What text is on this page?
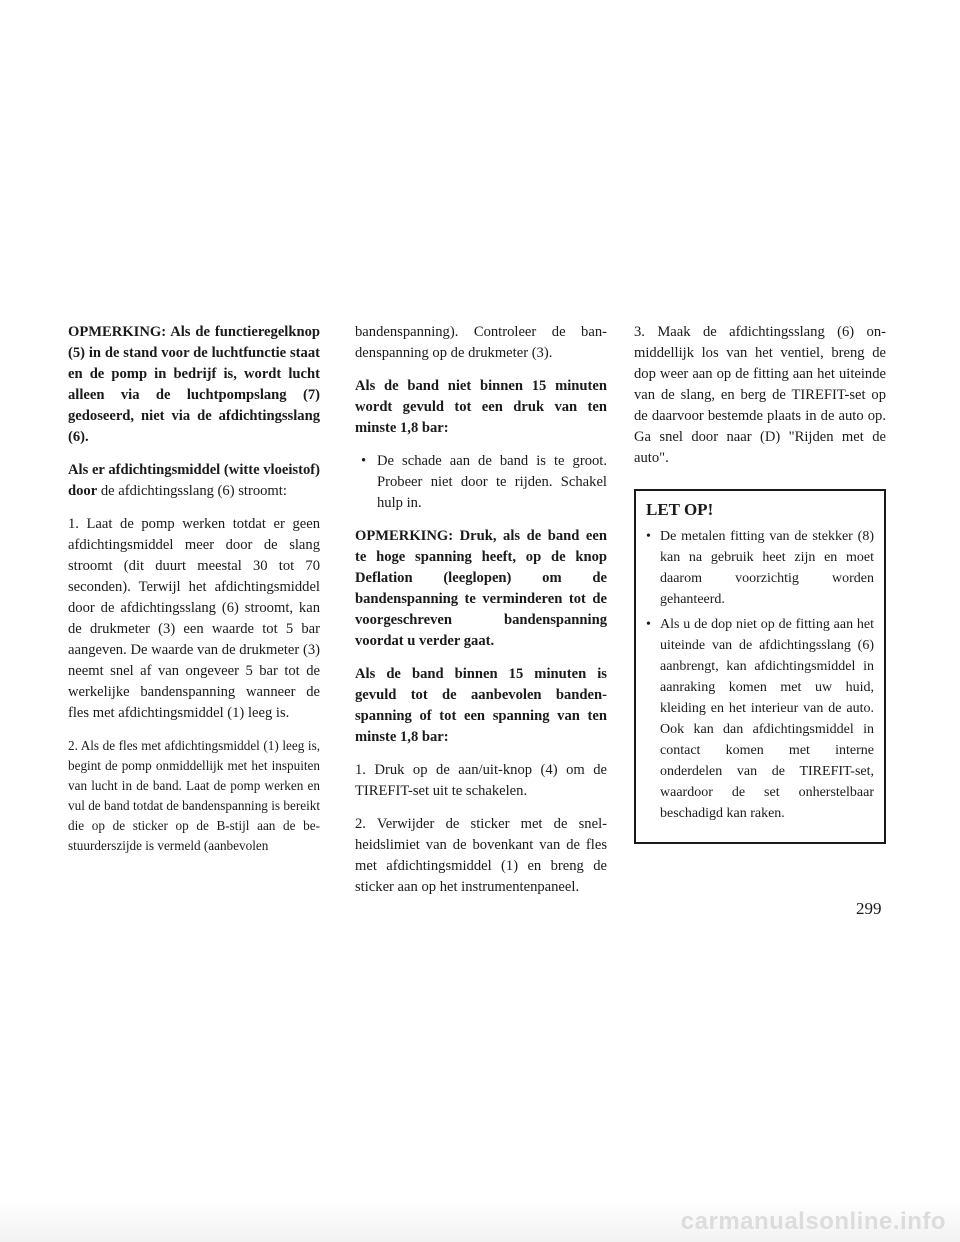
OPMERKING: Als de functieregelknop (5) in de stand voor de luchtfunctie staat en de pomp in bedrijf is, wordt lucht alleen via de luchtpompslang (7) gedoseerd, niet via de afdichtingsslang (6).

Als er afdichtingsmiddel (witte vloeistof) door de afdichtingsslang (6) stroomt:

1. Laat de pomp werken totdat er geen afdichtingsmiddel meer door de slang stroomt (dit duurt meestal 30 tot 70 seconden). Terwijl het afdichtingsmiddel door de afdichtingsslang (6) stroomt, kan de drukmeter (3) een waarde tot 5 bar aangeven. De waarde van de drukmeter (3) neemt snel af van ongeveer 5 bar tot de werkelijke bandenspanning wanneer de fles met afdichtingsmiddel (1) leeg is.

2. Als de fles met afdichtingsmiddel (1) leeg is, begint de pomp onmiddellijk met het inspuiten van lucht in de band. Laat de pomp werken en vul de band totdat de bandenspanning is bereikt die op de sticker op de B-stijl aan de bestuurderszijde is vermeld (aanbevolen

bandenspanning). Controleer de bandenspanning op de drukmeter (3).

Als de band niet binnen 15 minuten wordt gevuld tot een druk van ten minste 1,8 bar:

• De schade aan de band is te groot. Probeer niet door te rijden. Schakel hulp in.

OPMERKING: Druk, als de band een te hoge spanning heeft, op de knop Deflation (leeglopen) om de bandenspanning te verminderen tot de voorgeschreven bandenspanning voordat u verder gaat.

Als de band binnen 15 minuten is gevuld tot de aanbevolen bandenspanning of tot een spanning van ten minste 1,8 bar:

1. Druk op de aan/uit-knop (4) om de TIREFIT-set uit te schakelen.

2. Verwijder de sticker met de snelheidslimiet van de bovenkant van de fles met afdichtingsmiddel (1) en breng de sticker aan op het instrumentenpaneel.

3. Maak de afdichtingsslang (6) onmiddellijk los van het ventiel, breng de dop weer aan op de fitting aan het uiteinde van de slang, en berg de TIREFIT-set op de daarvoor bestemde plaats in de auto op. Ga snel door naar (D) "Rijden met de auto".

LET OP!
• De metalen fitting van de stekker (8) kan na gebruik heet zijn en moet daarom voorzichtig worden gehanteerd.
• Als u de dop niet op de fitting aan het uiteinde van de afdichtingsslang (6) aanbrengt, kan afdichtingsmiddel in aanraking komen met uw huid, kleiding en het interieur van de auto. Ook kan dan afdichtingsmiddel in contact komen met interne onderdelen van de TIREFIT-set, waardoor de set onherstelbaar beschadigd kan raken.
299
carmanualsonline.info
